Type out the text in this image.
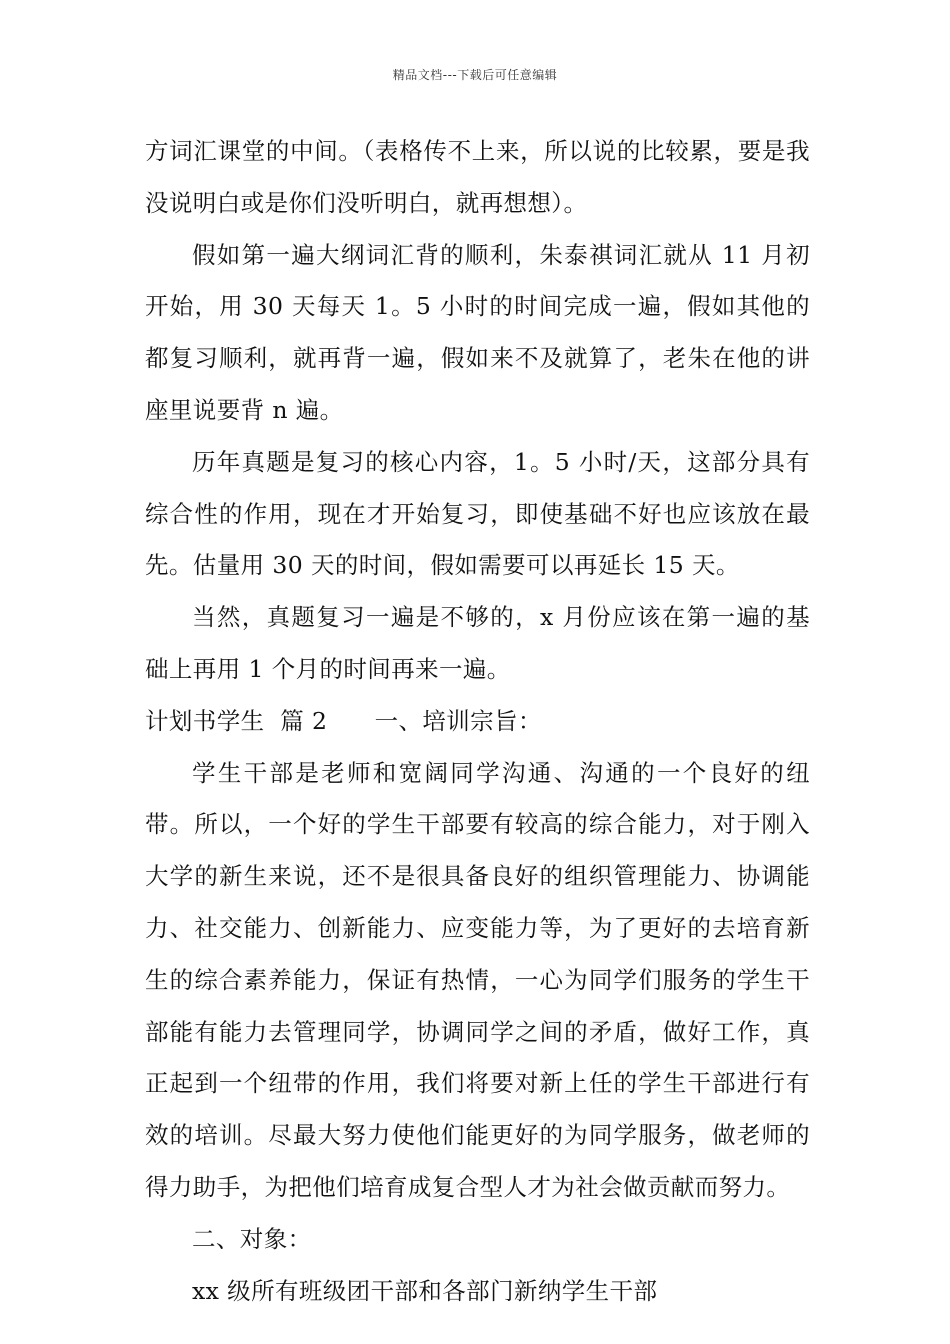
精品文档---下载后可任意编辑

方词汇课堂的中间。（表格传不上来，所以说的比较累，要是我没说明白或是你们没听明白，就再想想）。

假如第一遍大纲词汇背的顺利，朱泰祺词汇就从 11 月初开始，用 30 天每天 1。5 小时的时间完成一遍，假如其他的都复习顺利，就再背一遍，假如来不及就算了，老朱在他的讲座里说要背 n 遍。

历年真题是复习的核心内容，1。5 小时/天，这部分具有综合性的作用，现在才开始复习，即使基础不好也应该放在最先。估量用 30 天的时间，假如需要可以再延长 15 天。

当然，真题复习一遍是不够的，x 月份应该在第一遍的基础上再用 1 个月的时间再来一遍。

计划书学生  篇 2      一、培训宗旨：

学生干部是老师和宽阔同学沟通、沟通的一个良好的纽带。所以，一个好的学生干部要有较高的综合能力，对于刚入大学的新生来说，还不是很具备良好的组织管理能力、协调能力、社交能力、创新能力、应变能力等，为了更好的去培育新生的综合素养能力，保证有热情，一心为同学们服务的学生干部能有能力去管理同学，协调同学之间的矛盾，做好工作，真正起到一个纽带的作用，我们将要对新上任的学生干部进行有效的培训。尽最大努力使他们能更好的为同学服务，做老师的得力助手，为把他们培育成复合型人才为社会做贡献而努力。

二、对象：

xx 级所有班级团干部和各部门新纳学生干部
